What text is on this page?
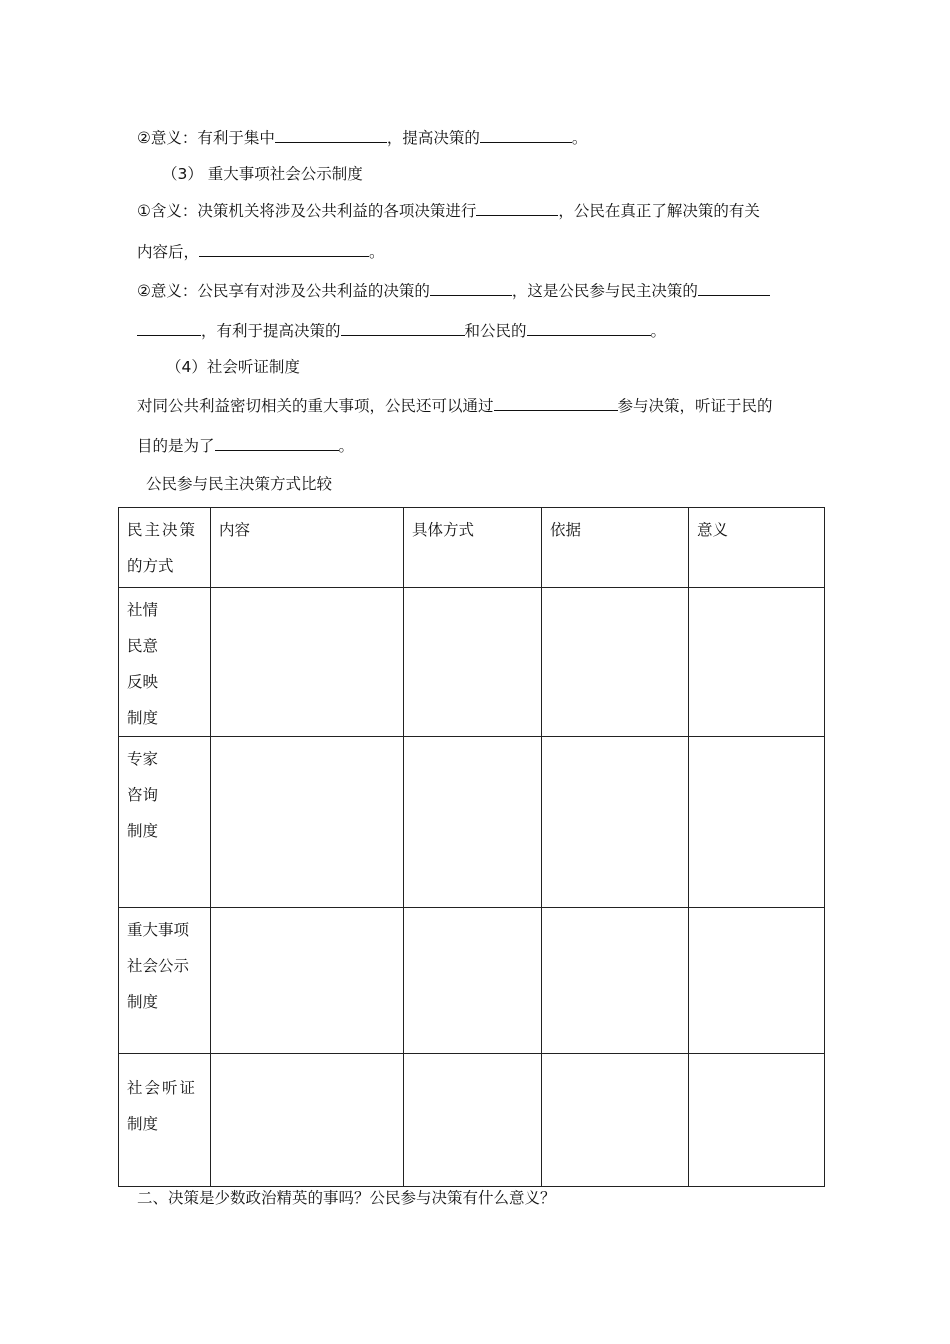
②意义：有利于集中	，提高决策的	。
（3） 重大事项社会公示制度
①含义：决策机关将涉及公共利益的各项决策进行	，公民在真正了解决策的有关
内容后，	。
②意义：公民享有对涉及公共利益的决策的	，这是公民参与民主决策的
，有利于提高决策的	和公民的	。
（4）社会听证制度
对同公共利益密切相关的重大事项，公民还可以通过	参与决策，听证于民的
目的是为了	。
公民参与民主决策方式比较
民主决策
的方式	内容	具体方式	依据	意义

社情
民意
反映
制度				

专家
咨询
制度				

重大事项
社会公示
制度				

社会听证
制度				

二、决策是少数政治精英的事吗？公民参与决策有什么意义？
